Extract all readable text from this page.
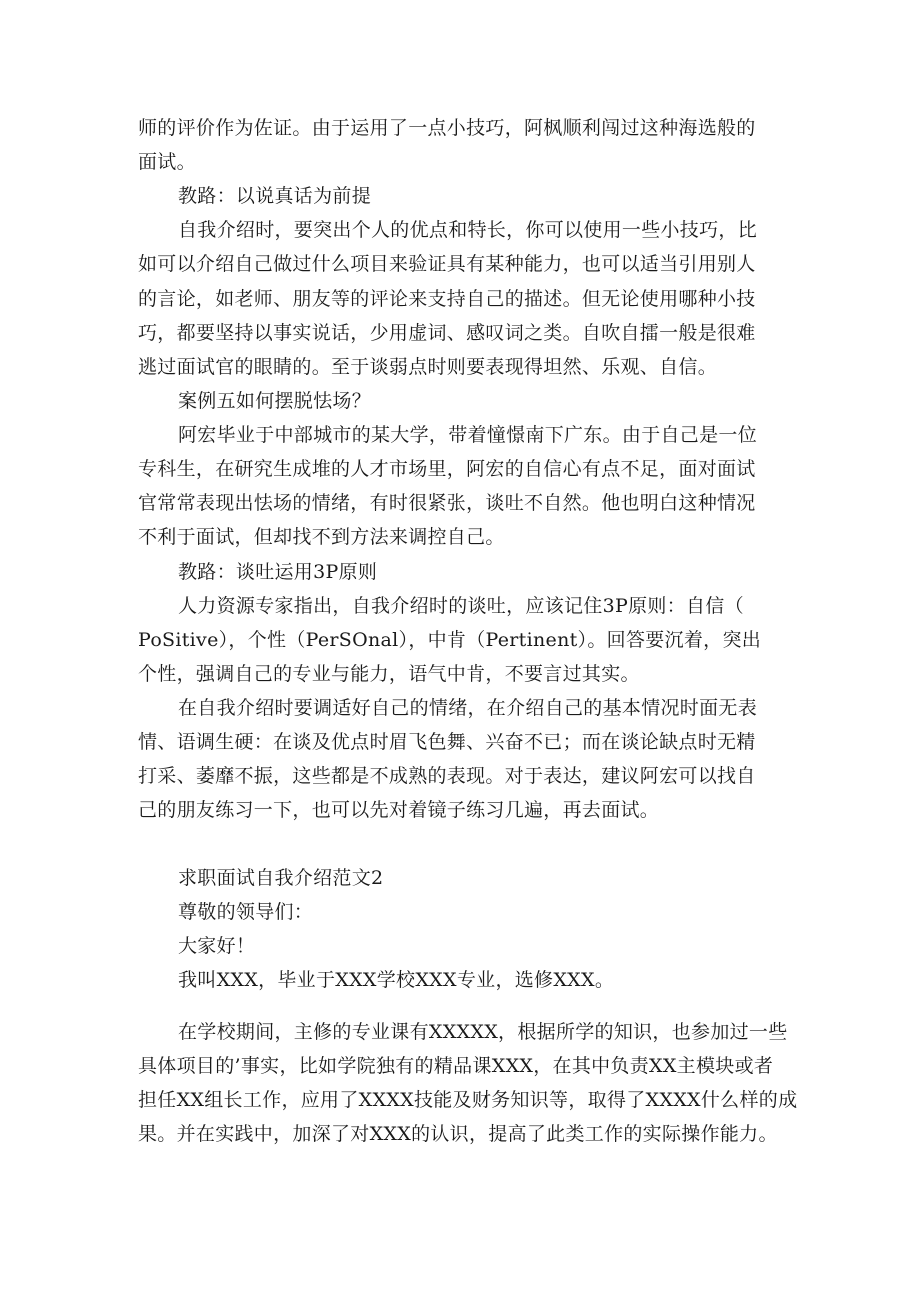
师的评价作为佐证。由于运用了一点小技巧，阿枫顺利闯过这种海选般的

面试。

教路：以说真话为前提

自我介绍时，要突出个人的优点和特长，你可以使用一些小技巧，比

如可以介绍自己做过什么项目来验证具有某种能力，也可以适当引用别人

的言论，如老师、朋友等的评论来支持自己的描述。但无论使用哪种小技

巧，都要坚持以事实说话，少用虚词、感叹词之类。自吹自擂一般是很难

逃过面试官的眼睛的。至于谈弱点时则要表现得坦然、乐观、自信。

案例五如何摆脱怯场？

阿宏毕业于中部城市的某大学，带着憧憬南下广东。由于自己是一位

专科生，在研究生成堆的人才市场里，阿宏的自信心有点不足，面对面试

官常常表现出怯场的情绪，有时很紧张，谈吐不自然。他也明白这种情况

不利于面试，但却找不到方法来调控自己。

教路：谈吐运用3P原则

人力资源专家指出，自我介绍时的谈吐，应该记住3P原则：自信（

PoSitive），个性（PerSOnal），中肯（Pertinent）。回答要沉着，突出

个性，强调自己的专业与能力，语气中肯，不要言过其实。

在自我介绍时要调适好自己的情绪，在介绍自己的基本情况时面无表

情、语调生硬：在谈及优点时眉飞色舞、兴奋不已；而在谈论缺点时无精

打采、萎靡不振，这些都是不成熟的表现。对于表达，建议阿宏可以找自

己的朋友练习一下，也可以先对着镜子练习几遍，再去面试。

求职面试自我介绍范文2

尊敬的领导们：

大家好！

我叫XXX，毕业于XXX学校XXX专业，选修XXX。

在学校期间，主修的专业课有XXXXX，根据所学的知识，也参加过一些

具体项目的’事实，比如学院独有的精品课XXX，在其中负责XX主模块或者

担任XX组长工作，应用了XXXX技能及财务知识等，取得了XXXX什么样的成

果。并在实践中，加深了对XXX的认识，提高了此类工作的实际操作能力。
